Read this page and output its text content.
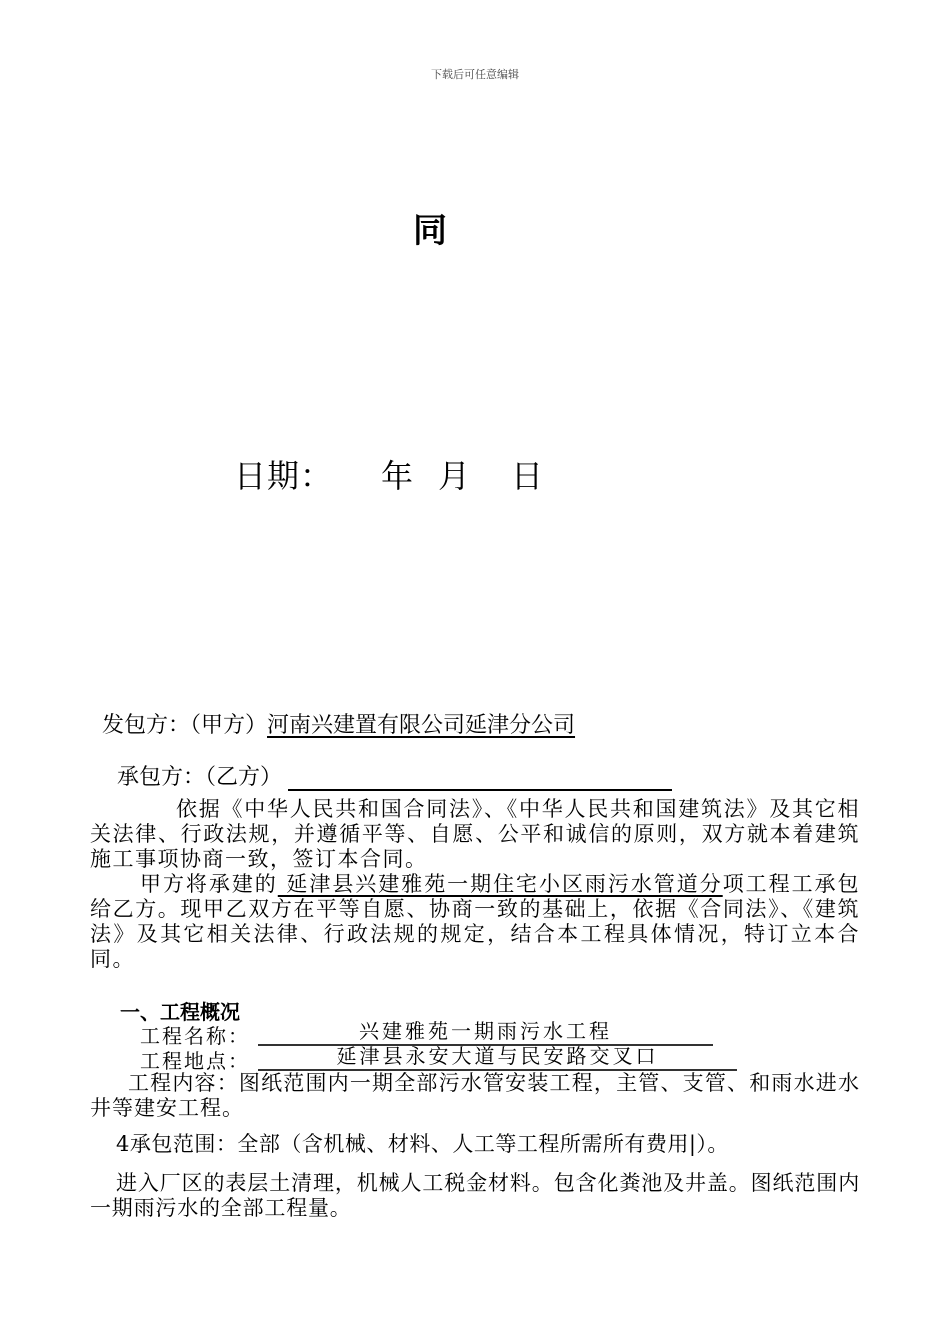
下载后可任意编辑
同
日期： 年 月 日
发包方：（甲方）河南兴建置有限公司延津分公司
承包方：（乙方）
依据《中华人民共和国合同法》、《中华人民共和国建筑法》及其它相关法律、行政法规，并遵循平等、自愿、公平和诚信的原则，双方就本着建筑施工事项协商一致，签订本合同。
甲方将承建的 延津县兴建雅苑一期住宅小区雨污水管道分项工程工承包给乙方。现甲乙双方在平等自愿、协商一致的基础上，依据《合同法》、《建筑法》及其它相关法律、行政法规的规定，结合本工程具体情况，特订立本合同。
一、工程概况
工程名称：	兴建雅苑一期雨污水工程
工程地点：	延津县永安大道与民安路交叉口
工程内容：图纸范围内一期全部污水管安装工程，主管、支管、和雨水进水井等建安工程。
4承包范围：全部（含机械、材料、人工等工程所需所有费用|）。
进入厂区的表层土清理，机械人工税金材料。包含化粪池及井盖。图纸范围内一期雨污水的全部工程量。
